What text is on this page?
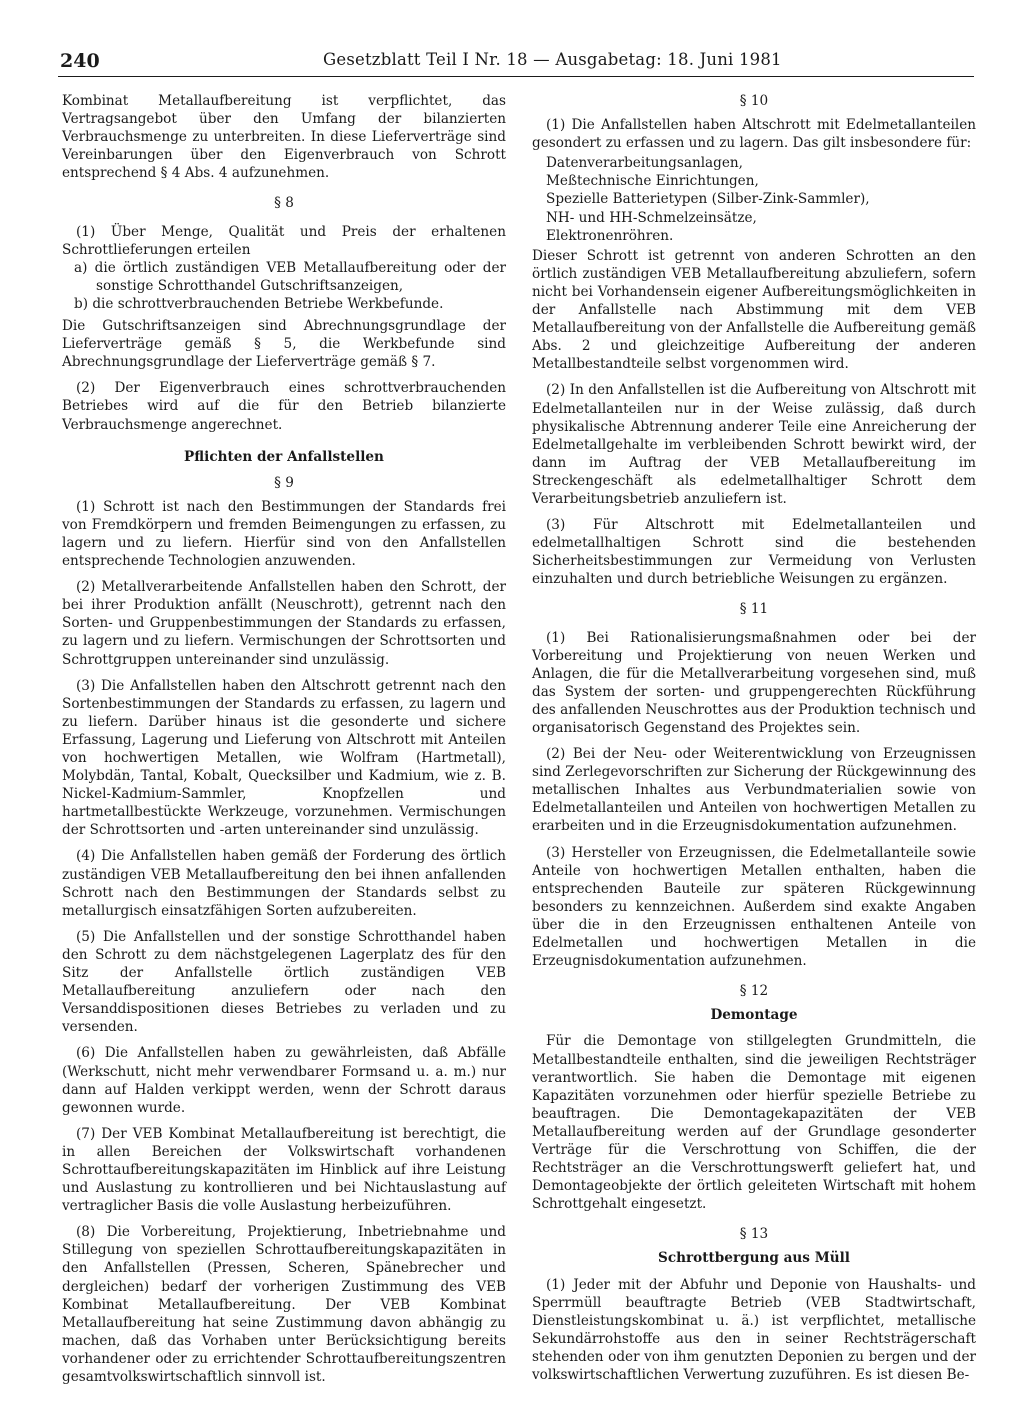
240	Gesetzblatt Teil I Nr. 18 — Ausgabetag: 18. Juni 1981

Kombinat Metallaufbereitung ist verpflichtet, das Vertragsangebot über den Umfang der bilanzierten Verbrauchsmenge zu unterbreiten. In diese Lieferverträge sind Vereinbarungen über den Eigenverbrauch von Schrott entsprechend § 4 Abs. 4 aufzunehmen.

§ 8

(1) Über Menge, Qualität und Preis der erhaltenen Schrottlieferungen erteilen

a) die örtlich zuständigen VEB Metallaufbereitung oder der sonstige Schrotthandel Gutschriftsanzeigen,
b) die schrottverbrauchenden Betriebe Werkbefunde.

Die Gutschriftsanzeigen sind Abrechnungsgrundlage der Lieferverträge gemäß § 5, die Werkbefunde sind Abrechnungsgrundlage der Lieferverträge gemäß § 7.

(2) Der Eigenverbrauch eines schrottverbrauchenden Betriebes wird auf die für den Betrieb bilanzierte Verbrauchsmenge angerechnet.

Pflichten der Anfallstellen
§ 9

(1) Schrott ist nach den Bestimmungen der Standards frei von Fremdkörpern und fremden Beimengungen zu erfassen, zu lagern und zu liefern. Hierfür sind von den Anfallstellen entsprechende Technologien anzuwenden.

(2) Metallverarbeitende Anfallstellen haben den Schrott, der bei ihrer Produktion anfällt (Neuschrott), getrennt nach den Sorten- und Gruppenbestimmungen der Standards zu erfassen, zu lagern und zu liefern. Vermischungen der Schrottsorten und Schrottgruppen untereinander sind unzulässig.

(3) Die Anfallstellen haben den Altschrott getrennt nach den Sortenbestimmungen der Standards zu erfassen, zu lagern und zu liefern. Darüber hinaus ist die gesonderte und sichere Erfassung, Lagerung und Lieferung von Altschrott mit Anteilen von hochwertigen Metallen, wie Wolfram (Hartmetall), Molybdän, Tantal, Kobalt, Quecksilber und Kadmium, wie z. B. Nickel-Kadmium-Sammler, Knopfzellen und hartmetallbestückte Werkzeuge, vorzunehmen. Vermischungen der Schrottsorten und -arten untereinander sind unzulässig.

(4) Die Anfallstellen haben gemäß der Forderung des örtlich zuständigen VEB Metallaufbereitung den bei ihnen anfallenden Schrott nach den Bestimmungen der Standards selbst zu metallurgisch einsatzfähigen Sorten aufzubereiten.

(5) Die Anfallstellen und der sonstige Schrotthandel haben den Schrott zu dem nächstgelegenen Lagerplatz des für den Sitz der Anfallstelle örtlich zuständigen VEB Metallaufbereitung anzuliefern oder nach den Versanddispositionen dieses Betriebes zu verladen und zu versenden.

(6) Die Anfallstellen haben zu gewährleisten, daß Abfälle (Werkschutt, nicht mehr verwendbarer Formsand u. a. m.) nur dann auf Halden verkippt werden, wenn der Schrott daraus gewonnen wurde.

(7) Der VEB Kombinat Metallaufbereitung ist berechtigt, die in allen Bereichen der Volkswirtschaft vorhandenen Schrottaufbereitungskapazitäten im Hinblick auf ihre Leistung und Auslastung zu kontrollieren und bei Nichtauslastung auf vertraglicher Basis die volle Auslastung herbeizuführen.

(8) Die Vorbereitung, Projektierung, Inbetriebnahme und Stillegung von speziellen Schrottaufbereitungskapazitäten in den Anfallstellen (Pressen, Scheren, Spänebrecher und dergleichen) bedarf der vorherigen Zustimmung des VEB Kombinat Metallaufbereitung. Der VEB Kombinat Metallaufbereitung hat seine Zustimmung davon abhängig zu machen, daß das Vorhaben unter Berücksichtigung bereits vorhandener oder zu errichtender Schrottaufbereitungszentren gesamtvolkswirtschaftlich sinnvoll ist.

§ 10

(1) Die Anfallstellen haben Altschrott mit Edelmetallanteilen gesondert zu erfassen und zu lagern. Das gilt insbesondere für:

Datenverarbeitungsanlagen,
Meßtechnische Einrichtungen,
Spezielle Batterietypen (Silber-Zink-Sammler),
NH- und HH-Schmelzeinsätze,
Elektronenröhren.

Dieser Schrott ist getrennt von anderen Schrotten an den örtlich zuständigen VEB Metallaufbereitung abzuliefern, sofern nicht bei Vorhandensein eigener Aufbereitungsmöglichkeiten in der Anfallstelle nach Abstimmung mit dem VEB Metallaufbereitung von der Anfallstelle die Aufbereitung gemäß Abs. 2 und gleichzeitige Aufbereitung der anderen Metallbestandteile selbst vorgenommen wird.

(2) In den Anfallstellen ist die Aufbereitung von Altschrott mit Edelmetallanteilen nur in der Weise zulässig, daß durch physikalische Abtrennung anderer Teile eine Anreicherung der Edelmetallgehalte im verbleibenden Schrott bewirkt wird, der dann im Auftrag der VEB Metallaufbereitung im Streckengeschäft als edelmetallhaltiger Schrott dem Verarbeitungsbetrieb anzuliefern ist.

(3) Für Altschrott mit Edelmetallanteilen und edelmetallhaltigen Schrott sind die bestehenden Sicherheitsbestimmungen zur Vermeidung von Verlusten einzuhalten und durch betriebliche Weisungen zu ergänzen.

§ 11

(1) Bei Rationalisierungsmaßnahmen oder bei der Vorbereitung und Projektierung von neuen Werken und Anlagen, die für die Metallverarbeitung vorgesehen sind, muß das System der sorten- und gruppengerechten Rückführung des anfallenden Neuschrottes aus der Produktion technisch und organisatorisch Gegenstand des Projektes sein.

(2) Bei der Neu- oder Weiterentwicklung von Erzeugnissen sind Zerlegevorschriften zur Sicherung der Rückgewinnung des metallischen Inhaltes aus Verbundmaterialien sowie von Edelmetallanteilen und Anteilen von hochwertigen Metallen zu erarbeiten und in die Erzeugnisdokumentation aufzunehmen.

(3) Hersteller von Erzeugnissen, die Edelmetallanteile sowie Anteile von hochwertigen Metallen enthalten, haben die entsprechenden Bauteile zur späteren Rückgewinnung besonders zu kennzeichnen. Außerdem sind exakte Angaben über die in den Erzeugnissen enthaltenen Anteile von Edelmetallen und hochwertigen Metallen in die Erzeugnisdokumentation aufzunehmen.

§ 12
Demontage

Für die Demontage von stillgelegten Grundmitteln, die Metallbestandteile enthalten, sind die jeweiligen Rechtsträger verantwortlich. Sie haben die Demontage mit eigenen Kapazitäten vorzunehmen oder hierfür spezielle Betriebe zu beauftragen. Die Demontagekapazitäten der VEB Metallaufbereitung werden auf der Grundlage gesonderter Verträge für die Verschrottung von Schiffen, die der Rechtsträger an die Verschrottungswerft geliefert hat, und Demontageobjekte der örtlich geleiteten Wirtschaft mit hohem Schrottgehalt eingesetzt.

§ 13
Schrottbergung aus Müll

(1) Jeder mit der Abfuhr und Deponie von Haushalts- und Sperrmüll beauftragte Betrieb (VEB Stadtwirtschaft, Dienstleistungskombinat u. ä.) ist verpflichtet, metallische Sekundärrohstoffe aus den in seiner Rechtsträgerschaft stehenden oder von ihm genutzten Deponien zu bergen und der volkswirtschaftlichen Verwertung zuzuführen. Es ist diesen Be-
